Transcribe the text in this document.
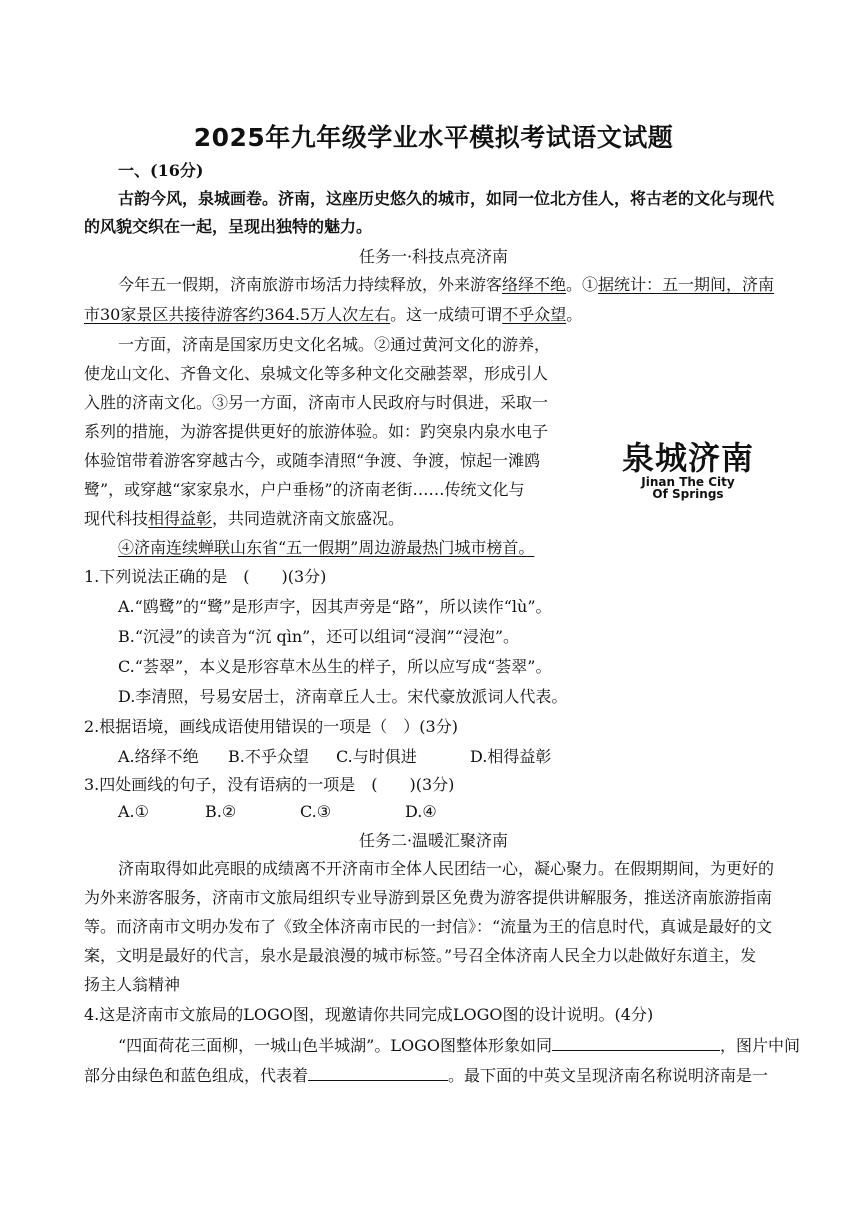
2025年九年级学业水平模拟考试语文试题
一、(16分)
古韵今风，泉城画卷。济南，这座历史悠久的城市，如同一位北方佳人，将古老的文化与现代
的风貌交织在一起，呈现出独特的魅力。
任务一·科技点亮济南
今年五一假期，济南旅游市场活力持续释放，外来游客络绎不绝。①据统计：五一期间，济南
市30家景区共接待游客约364.5万人次左右。这一成绩可谓不乎众望。
一方面，济南是国家历史文化名城。②通过黄河文化的游养，
使龙山文化、齐鲁文化、泉城文化等多种文化交融荟翠，形成引人
入胜的济南文化。③另一方面，济南市人民政府与时俱进，采取一
系列的措施，为游客提供更好的旅游体验。如：趵突泉内泉水电子
体验馆带着游客穿越古今，或随李清照“争渡、争渡，惊起一滩鸥
鹭”，或穿越“家家泉水，户户垂杨”的济南老街……传统文化与
现代科技相得益彰，共同造就济南文旅盛况。
泉城济南
Jinan The City
Of Springs
④济南连续蝉联山东省“五一假期”周边游最热门城市榜首。
1.下列说法正确的是　(　　)(3分)
A.“鸥鹭”的“鹭”是形声字，因其声旁是“路”，所以读作“lù”。
B.“沉浸”的读音为“沉 qìn”，还可以组词“浸润”“浸泡”。
C.“荟翠”，本义是形容草木丛生的样子，所以应写成“荟翠”。
D.李清照，号易安居士，济南章丘人士。宋代豪放派词人代表。
2.根据语境，画线成语使用错误的一项是（　）(3分)
A.络绎不绝 B.不乎众望 C.与时俱进	D.相得益彰
3.四处画线的句子，没有语病的一项是　(　　)(3分)
A.①	B.②	C.③	D.④
任务二·温暖汇聚济南
济南取得如此亮眼的成绩离不开济南市全体人民团结一心，凝心聚力。在假期期间，为更好的
为外来游客服务，济南市文旅局组织专业导游到景区免费为游客提供讲解服务，推送济南旅游指南
等。而济南市文明办发布了《致全体济南市民的一封信》：“流量为王的信息时代，真诚是最好的文
案，文明是最好的代言，泉水是最浪漫的城市标签。”号召全体济南人民全力以赴做好东道主，发
扬主人翁精神
4.这是济南市文旅局的LOGO图，现邀请你共同完成LOGO图的设计说明。(4分)
“四面荷花三面柳，一城山色半城湖”。LOGO图整体形象如同	，图片中间
部分由绿色和蓝色组成，代表着	。最下面的中英文呈现济南名称说明济南是一
